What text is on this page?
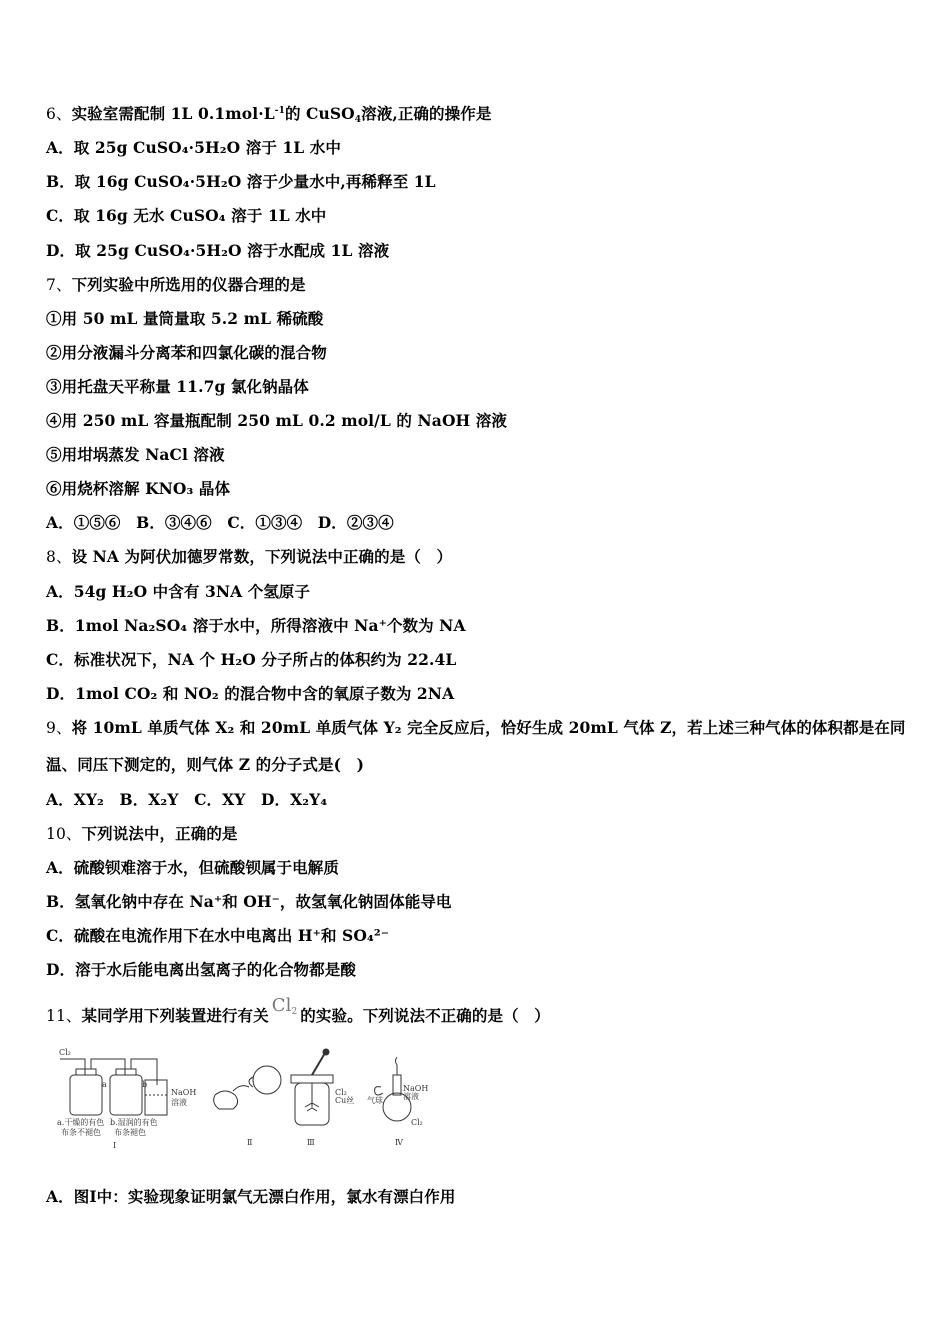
6、实验室需配制 1L $0.1mol\cdot L^{-1}$的 CuSO$_4$溶液,正确的操作是
A．取 25g CuSO₄·5H₂O 溶于 1L 水中
B．取 16g CuSO₄·5H₂O 溶于少量水中,再稀释至 1L
C．取 16g 无水 CuSO₄ 溶于 1L 水中
D．取 25g CuSO₄·5H₂O 溶于水配成 1L 溶液
7、下列实验中所选用的仪器合理的是
①用 50 mL 量筒量取 5.2 mL 稀硫酸
②用分液漏斗分离苯和四氯化碳的混合物
③用托盘天平称量 11.7g 氯化钠晶体
④用 250 mL 容量瓶配制 250 mL 0.2 mol/L 的 NaOH 溶液
⑤用坩埚蒸发 NaCl 溶液
⑥用烧杯溶解 KNO₃ 晶体
A．①⑤⑥　B．③④⑥　C．①③④　D．②③④
8、设 NA 为阿伏加德罗常数，下列说法中正确的是（　）
A．54g H₂O 中含有 3NA 个氢原子
B．1mol Na₂SO₄ 溶于水中，所得溶液中 Na⁺个数为 NA
C．标准状况下，NA 个 H₂O 分子所占的体积约为 22.4L
D．1mol CO₂ 和 NO₂ 的混合物中含的氧原子数为 2NA
9、将 10mL 单质气体 X₂ 和 20mL 单质气体 Y₂ 完全反应后，恰好生成 20mL 气体 Z，若上述三种气体的体积都是在同
温、同压下测定的，则气体 Z 的分子式是(　)
A．XY₂　B．X₂Y　C．XY　D．X₂Y₄
10、下列说法中，正确的是
A．硫酸钡难溶于水，但硫酸钡属于电解质
B．氢氧化钠中存在 Na⁺和 OH⁻，故氢氧化钠固体能导电
C．硫酸在电流作用下在水中电离出 H⁺和 SO₄²⁻
D．溶于水后能电离出氢离子的化合物都是酸
11、某同学用下列装置进行有关 $Cl_2$ 的实验。下列说法不正确的是（　）
Cl₂
a	b
NaOH
溶液
a.干燥的有色
布条不褪色
b.湿润的有色
布条褪色
Ⅰ	Ⅱ	Ⅲ
Cl₂
Cu丝
NaOH
溶液
气球
Cl₂
Ⅳ
A．图Ⅰ中：实验现象证明氯气无漂白作用，氯水有漂白作用
